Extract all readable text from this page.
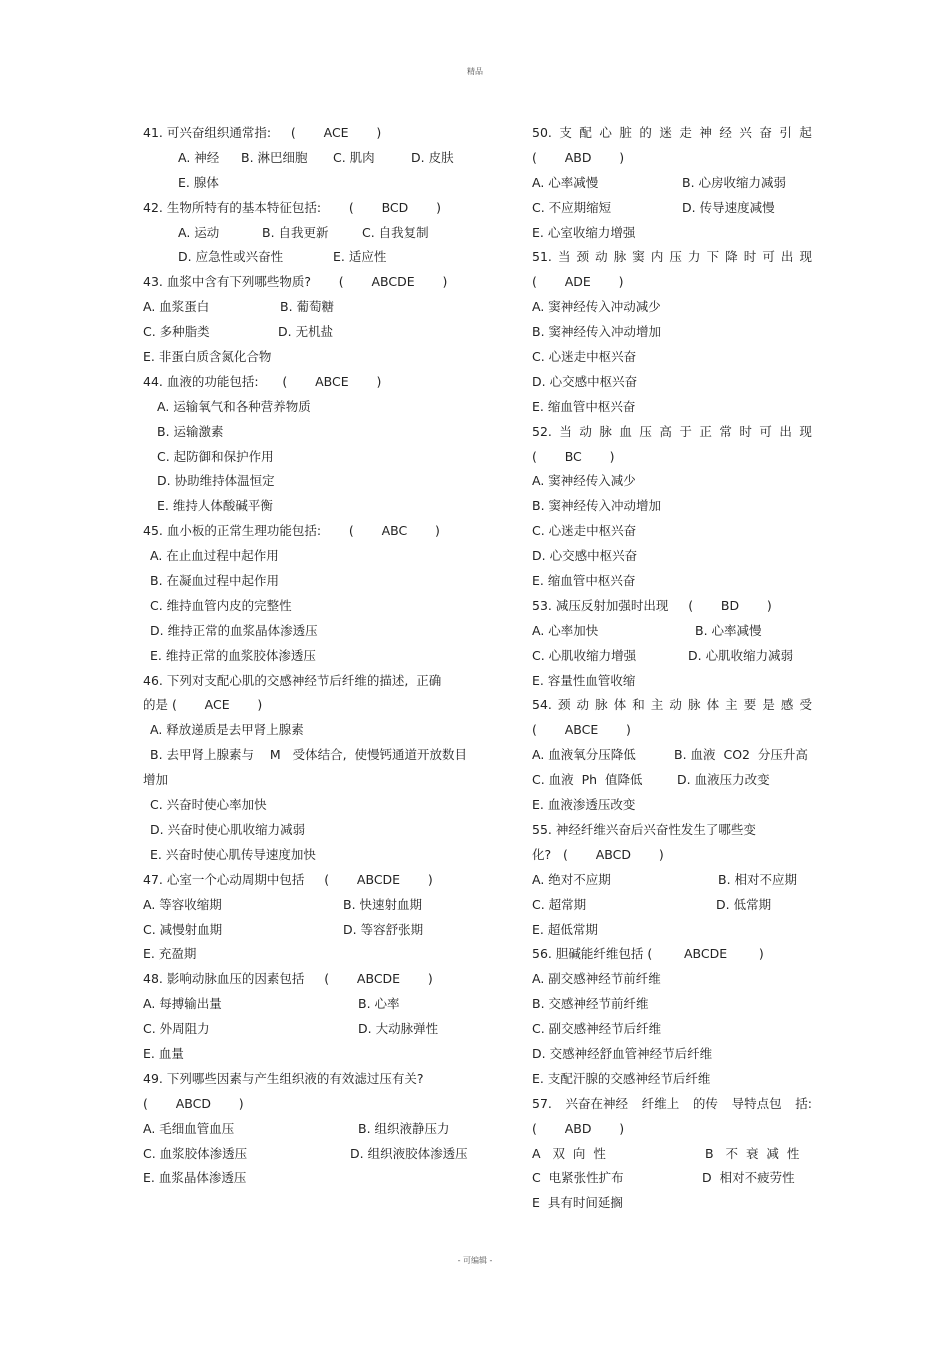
精品
41. 可兴奋组织通常指:     (       ACE       )

A. 神经

B. 淋巴细胞

C. 肌肉

	D. 皮肤

E. 腺体
42. 生物所特有的基本特征包括:       (       BCD       )

A. 运动

	B. 自我更新

	C. 自我复制

D. 应急性或兴奋性

	E. 适应性

43. 血浆中含有下列哪些物质?       (       ABCDE       )

A. 血浆蛋白

	B. 葡萄糖

C. 多种脂类

	D. 无机盐

E. 非蛋白质含氮化合物
44. 血液的功能包括:      (       ABCE       )
A. 运输氧气和各种营养物质
B. 运输激素
C. 起防御和保护作用
D. 协助维持体温恒定
E. 维持人体酸碱平衡
45. 血小板的正常生理功能包括:       (       ABC       )
A. 在止血过程中起作用
B. 在凝血过程中起作用
C. 维持血管内皮的完整性
D. 维持正常的血浆晶体渗透压
E. 维持正常的血浆胶体渗透压
46. 下列对支配心肌的交感神经节后纤维的描述,  正确
的是 (       ACE       )
A. 释放递质是去甲肾上腺素
B. 去甲肾上腺素与    M   受体结合,  使慢钙通道开放数目
增加
C. 兴奋时使心率加快
D. 兴奋时使心肌收缩力减弱
E. 兴奋时使心肌传导速度加快
47. 心室一个心动周期中包括     (       ABCDE       )

A. 等容收缩期

	B. 快速射血期

C. 减慢射血期

	D. 等容舒张期

E. 充盈期
48. 影响动脉血压的因素包括     (       ABCDE       )

A. 每搏输出量

	B. 心率

C. 外周阻力

	D. 大动脉弹性

E. 血量
49. 下列哪些因素与产生组织液的有效滤过压有关?
(       ABCD       )

A. 毛细血管血压

	B. 组织液静压力

C. 血浆胶体渗透压

	D. 组织液胶体渗透压

E. 血浆晶体渗透压
50. 支 配 心 脏 的 迷 走 神 经 兴 奋 引 起
(       ABD       )

A. 心率减慢

	B. 心房收缩力减弱

C. 不应期缩短

	D. 传导速度减慢

E. 心室收缩力增强
51. 当 颈 动 脉 窦 内 压 力 下 降 时 可 出 现
(       ADE       )
A. 窦神经传入冲动减少
B. 窦神经传入冲动增加
C. 心迷走中枢兴奋
D. 心交感中枢兴奋
E. 缩血管中枢兴奋
52. 当 动 脉 血 压 高 于 正 常 时 可 出 现
(       BC       )
A. 窦神经传入减少
B. 窦神经传入冲动增加
C. 心迷走中枢兴奋
D. 心交感中枢兴奋
E. 缩血管中枢兴奋
53. 减压反射加强时出现     (       BD       )

A. 心率加快

	B. 心率减慢

C. 心肌收缩力增强

	D. 心肌收缩力减弱

E. 容量性血管收缩
54. 颈 动 脉 体 和 主 动 脉 体 主 要 是 感 受
(       ABCE       )

A. 血液氧分压降低

	B. 血液  CO2  分压升高

C. 血液  Ph  值降低

	D. 血液压力改变

E. 血液渗透压改变
55. 神经纤维兴奋后兴奋性发生了哪些变
化?   (       ABCD       )

A. 绝对不应期

	B. 相对不应期

C. 超常期

	D. 低常期

E. 超低常期
56. 胆碱能纤维包括 (        ABCDE        )
A. 副交感神经节前纤维
B. 交感神经节前纤维
C. 副交感神经节后纤维
D. 交感神经舒血管神经节后纤维
E. 支配汗腺的交感神经节后纤维
57. 兴奋在神经 纤维上 的传 导特点包 括:
(       ABD       )

A   双  向  性

	B   不  衰  减  性

C  电紧张性扩布

	D  相对不疲劳性

E  具有时间延搁
- 可编辑 -
